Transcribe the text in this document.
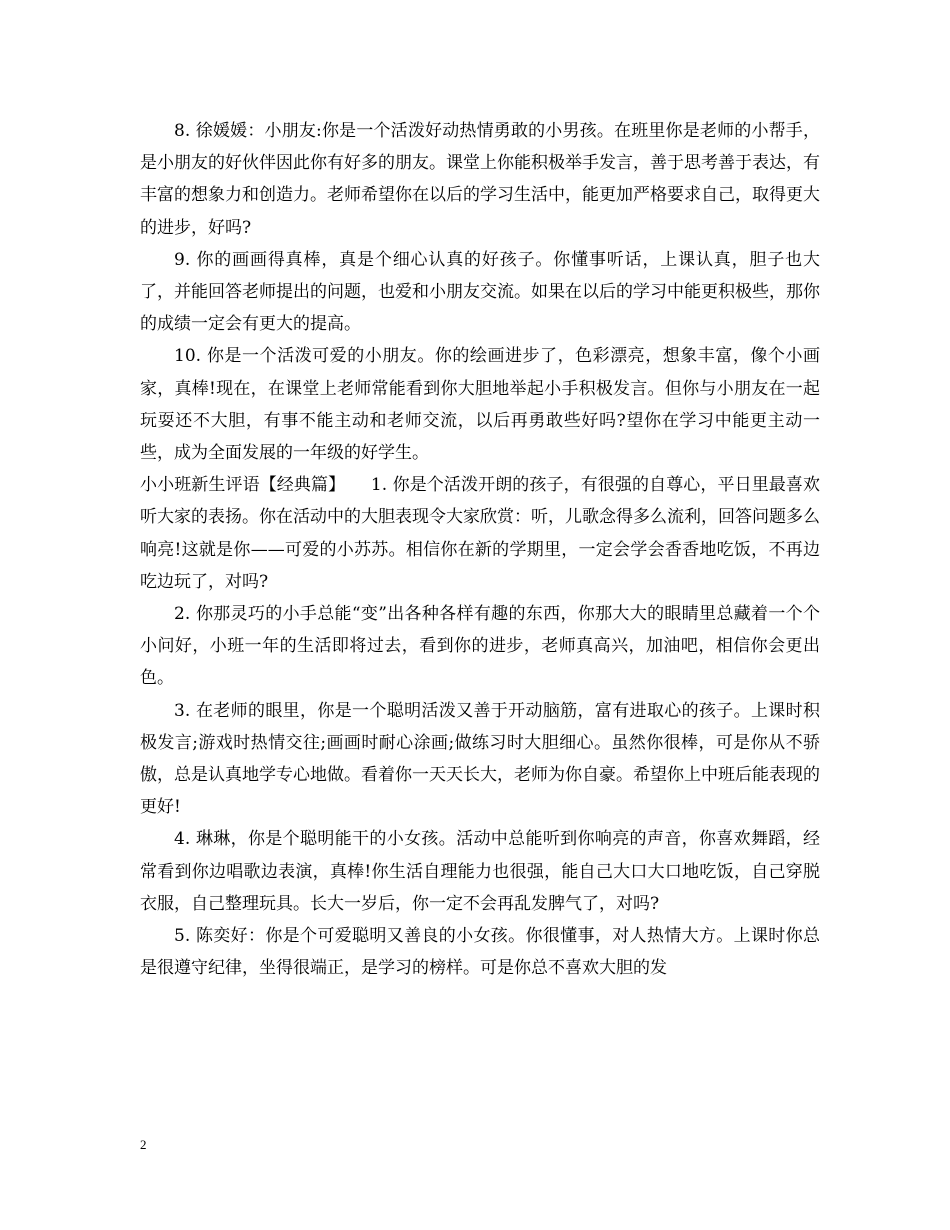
8. 徐媛媛：小朋友:你是一个活泼好动热情勇敢的小男孩。在班里你是老师的小帮手，是小朋友的好伙伴因此你有好多的朋友。课堂上你能积极举手发言，善于思考善于表达，有丰富的想象力和创造力。老师希望你在以后的学习生活中，能更加严格要求自己，取得更大的进步，好吗?

9. 你的画画得真棒，真是个细心认真的好孩子。你懂事听话，上课认真，胆子也大了，并能回答老师提出的问题，也爱和小朋友交流。如果在以后的学习中能更积极些，那你的成绩一定会有更大的提高。

10. 你是一个活泼可爱的小朋友。你的绘画进步了，色彩漂亮，想象丰富，像个小画家，真棒!现在，在课堂上老师常能看到你大胆地举起小手积极发言。但你与小朋友在一起玩耍还不大胆，有事不能主动和老师交流，以后再勇敢些好吗?望你在学习中能更主动一些，成为全面发展的一年级的好学生。

小小班新生评语【经典篇】　　1. 你是个活泼开朗的孩子，有很强的自尊心，平日里最喜欢听大家的表扬。你在活动中的大胆表现令大家欣赏：听，儿歌念得多么流利，回答问题多么响亮!这就是你——可爱的小苏苏。相信你在新的学期里，一定会学会香香地吃饭，不再边吃边玩了，对吗?

2. 你那灵巧的小手总能“变”出各种各样有趣的东西，你那大大的眼睛里总藏着一个个小问好，小班一年的生活即将过去，看到你的进步，老师真高兴，加油吧，相信你会更出色。

3. 在老师的眼里，你是一个聪明活泼又善于开动脑筋，富有进取心的孩子。上课时积极发言;游戏时热情交往;画画时耐心涂画;做练习时大胆细心。虽然你很棒，可是你从不骄傲，总是认真地学专心地做。看着你一天天长大，老师为你自豪。希望你上中班后能表现的更好!

4. 琳琳，你是个聪明能干的小女孩。活动中总能听到你响亮的声音，你喜欢舞蹈，经常看到你边唱歌边表演，真棒!你生活自理能力也很强，能自己大口大口地吃饭，自己穿脱衣服，自己整理玩具。长大一岁后，你一定不会再乱发脾气了，对吗?

5. 陈奕好：你是个可爱聪明又善良的小女孩。你很懂事，对人热情大方。上课时你总是很遵守纪律，坐得很端正，是学习的榜样。可是你总不喜欢大胆的发

2
